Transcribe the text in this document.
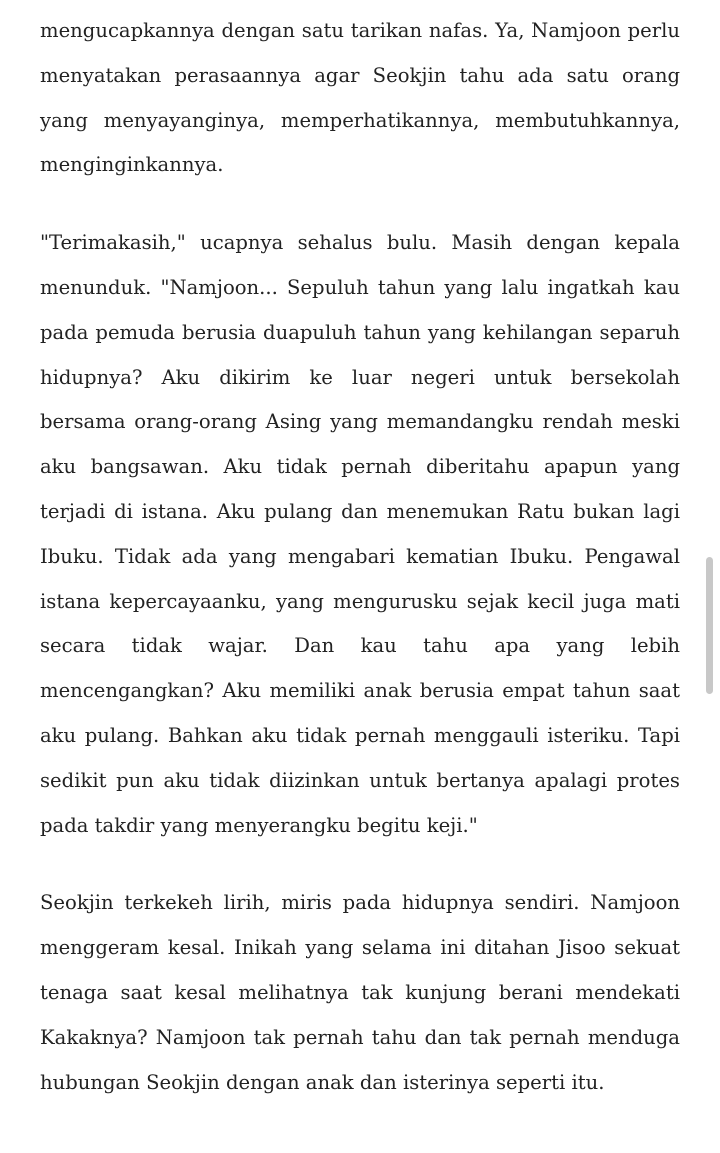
mengucapkannya dengan satu tarikan nafas. Ya, Namjoon perlu menyatakan perasaannya agar Seokjin tahu ada satu orang yang menyayanginya, memperhatikannya, membutuhkannya, menginginkannya.

"Terimakasih," ucapnya sehalus bulu. Masih dengan kepala menunduk. "Namjoon... Sepuluh tahun yang lalu ingatkah kau pada pemuda berusia duapuluh tahun yang kehilangan separuh hidupnya? Aku dikirim ke luar negeri untuk bersekolah bersama orang-orang Asing yang memandangku rendah meski aku bangsawan. Aku tidak pernah diberitahu apapun yang terjadi di istana. Aku pulang dan menemukan Ratu bukan lagi Ibuku. Tidak ada yang mengabari kematian Ibuku. Pengawal istana kepercayaanku, yang mengurusku sejak kecil juga mati secara tidak wajar. Dan kau tahu apa yang lebih mencengangkan? Aku memiliki anak berusia empat tahun saat aku pulang. Bahkan aku tidak pernah menggauli isteriku. Tapi sedikit pun aku tidak diizinkan untuk bertanya apalagi protes pada takdir yang menyerangku begitu keji."

Seokjin terkekeh lirih, miris pada hidupnya sendiri. Namjoon menggeram kesal. Inikah yang selama ini ditahan Jisoo sekuat tenaga saat kesal melihatnya tak kunjung berani mendekati Kakaknya? Namjoon tak pernah tahu dan tak pernah menduga hubungan Seokjin dengan anak dan isterinya seperti itu.
